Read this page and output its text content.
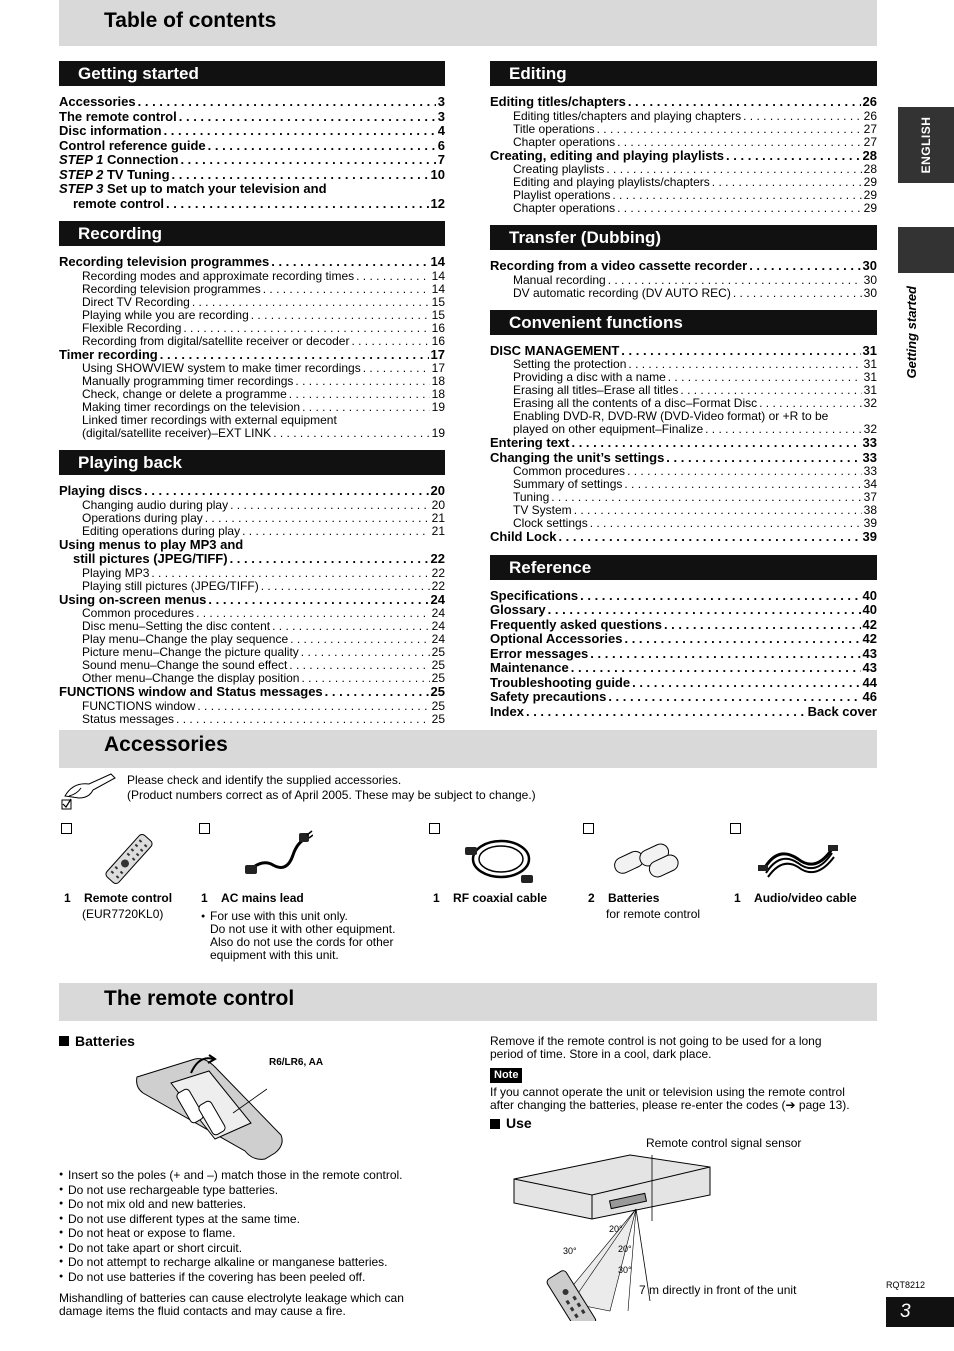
Table of contents
Getting started
Accessories . . .	3
The remote control . . .	3
Disc information . . .	4
Control reference guide . . .	6
STEP 1 Connection . . .	7
STEP 2 TV Tuning . . .	10
STEP 3 Set up to match your television and
remote control . . .	12
Recording
Recording television programmes . . .	14
Recording modes and approximate recording times . . .	14
Recording television programmes . . .	14
Direct TV Recording . . .	15
Playing while you are recording . . .	15
Flexible Recording . . .	16
Recording from digital/satellite receiver or decoder . . .	16
Timer recording . . .	17
Using SHOWVIEW system to make timer recordings . . .	17
Manually programming timer recordings . . .	18
Check, change or delete a programme . . .	18
Making timer recordings on the television . . .	19
Linked timer recordings with external equipment
(digital/satellite receiver)–EXT LINK . . .	19
Playing back
Playing discs . . .	20
Changing audio during play . . .	20
Operations during play . . .	21
Editing operations during play . . .	21
Using menus to play MP3 and
still pictures (JPEG/TIFF) . . .	22
Playing MP3 . . .	22
Playing still pictures (JPEG/TIFF) . . .	22
Using on-screen menus . . .	24
Common procedures . . .	24
Disc menu–Setting the disc content . . .	24
Play menu–Change the play sequence . . .	24
Picture menu–Change the picture quality . . .	25
Sound menu–Change the sound effect . . .	25
Other menu–Change the display position . . .	25
FUNCTIONS window and Status messages . . .	25
FUNCTIONS window . . .	25
Status messages . . .	25
Editing
Editing titles/chapters . . .	26
Editing titles/chapters and playing chapters . . .	26
Title operations . . .	27
Chapter operations . . .	27
Creating, editing and playing playlists . . .	28
Creating playlists . . .	28
Editing and playing playlists/chapters . . .	29
Playlist operations . . .	29
Chapter operations . . .	29
Transfer (Dubbing)
Recording from a video cassette recorder . . .	30
Manual recording . . .	30
DV automatic recording (DV AUTO REC) . . .	30
Convenient functions
DISC MANAGEMENT . . .	31
Setting the protection . . .	31
Providing a disc with a name . . .	31
Erasing all titles–Erase all titles . . .	31
Erasing all the contents of a disc–Format Disc . . .	32
Enabling DVD-R, DVD-RW (DVD-Video format) or +R to be
played on other equipment–Finalize . . .	32
Entering text . . .	33
Changing the unit’s settings . . .	33
Common procedures . . .	33
Summary of settings . . .	34
Tuning . . .	37
TV System . . .	38
Clock settings . . .	39
Child Lock . . .	39
Reference
Specifications . . .	40
Glossary . . .	40
Frequently asked questions . . .	42
Optional Accessories . . .	42
Error messages . . .	43
Maintenance . . .	43
Troubleshooting guide . . .	44
Safety precautions . . .	46
Index . . .	Back cover
ENGLISH
Getting started
Accessories
Please check and identify the supplied accessories.
(Product numbers correct as of April 2005. These may be subject to change.)
1 Remote control
(EUR7720KL0)
1 AC mains lead
● For use with this unit only.
Do not use it with other equipment.
Also do not use the cords for other
equipment with this unit.
1 RF coaxial cable	2 Batteries
for remote control
1 Audio/video cable
The remote control
Batteries
R6/LR6, AA
● Insert so the poles (+ and –) match those in the remote control.
● Do not use rechargeable type batteries.
● Do not mix old and new batteries.
● Do not use different types at the same time.
● Do not heat or expose to flame.
● Do not take apart or short circuit.
● Do not attempt to recharge alkaline or manganese batteries.
● Do not use batteries if the covering has been peeled off.
Mishandling of batteries can cause electrolyte leakage which can
damage items the fluid contacts and may cause a fire.
Remove if the remote control is not going to be used for a long
period of time. Store in a cool, dark place.
Note
If you cannot operate the unit or television using the remote control
after changing the batteries, please re-enter the codes (➔ page 13).
Use
Remote control signal sensor
20°
20°
30°
30°
7 m directly in front of the unit	RQT8212
3
